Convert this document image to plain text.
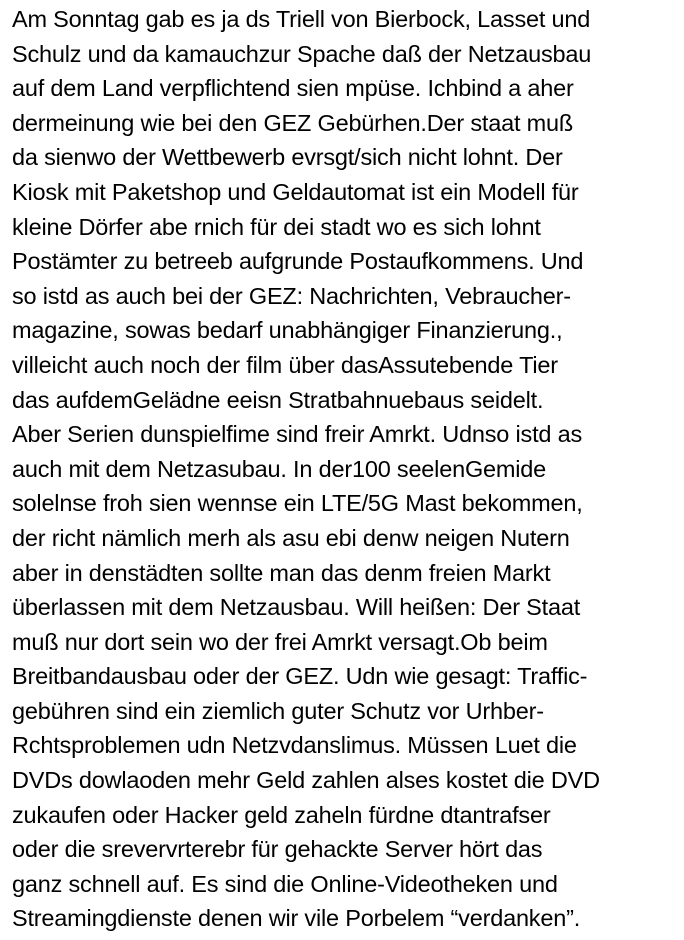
Am Sonntag gab es ja ds Triell von Bierbock, Lasset und
Schulz und da kamauchzur Spache daß der Netzausbau
auf dem Land verpflichtend sien mpüse. Ichbind a aher
dermeinung wie bei den GEZ Gebürhen.Der staat muß
da sienwo der Wettbewerb evrsgt/sich nicht lohnt. Der
Kiosk mit Paketshop und Geldautomat ist ein Modell für
kleine Dörfer abe rnich für dei stadt wo es sich lohnt
Postämter zu betreeb aufgrunde Postaufkommens. Und
so istd as auch bei der GEZ: Nachrichten, Vebraucher-
magazine, sowas bedarf unabhängiger Finanzierung.,
villeicht auch noch der film über dasAssutebende Tier
das aufdemGelädne eeisn Stratbahnuebaus seidelt.
Aber Serien dunspielfime sind freir Amrkt. Udnso istd as
auch mit dem Netzasubau. In der100 seelenGemide
solelnse froh sien wennse ein LTE/5G Mast bekommen,
der richt nämlich merh als asu ebi denw neigen Nutern
aber in denstädten sollte man das denm freien Markt
überlassen mit dem Netzausbau. Will heißen: Der Staat
muß nur dort sein wo der frei Amrkt versagt.Ob beim
Breitbandausbau oder der GEZ. Udn wie gesagt: Traffic-
gebühren sind ein ziemlich guter Schutz vor Urhber-
Rchtsproblemen udn Netzvdanslimus. Müssen Luet die
DVDs dowlaoden mehr Geld zahlen alses kostet die DVD
zukaufen oder Hacker geld zaheln fürdne dtantrafser
oder die srevervrterebr für gehackte Server hört das
ganz schnell auf. Es sind die Online-Videotheken und
Streamingdienste denen wir vile Porbelem “verdanken”.
